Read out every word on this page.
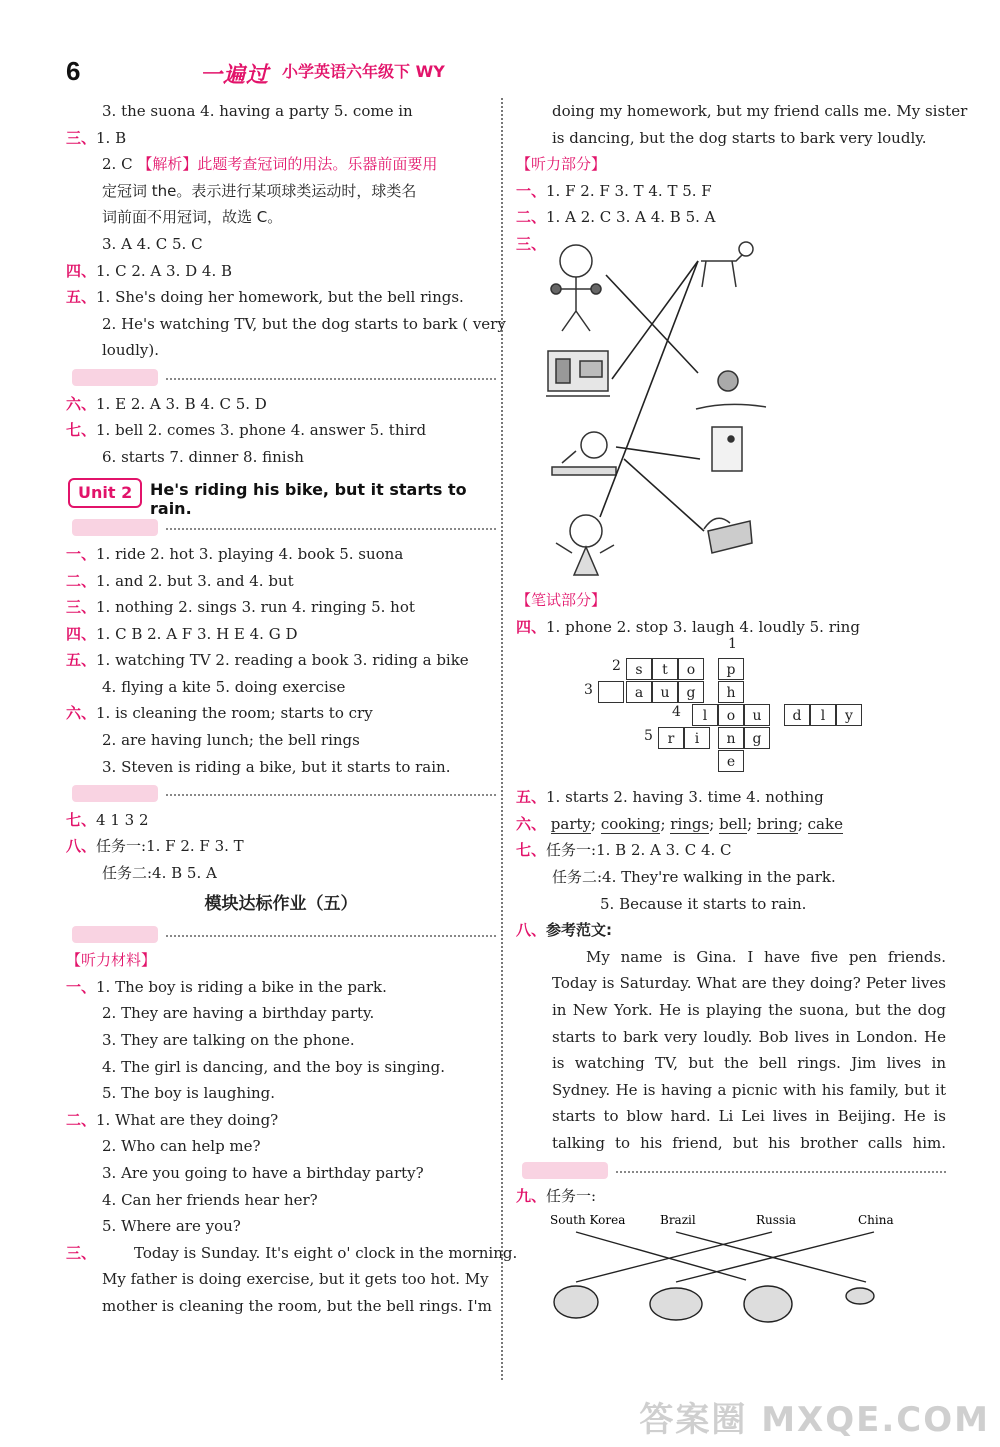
6	一遍过 小学英语六年级下 WY
3. the suona 4. having a party 5. come in
三、1. B
2. C 【解析】此题考查冠词的用法。乐器前面要用
定冠词 the。表示进行某项球类运动时，球类名
词前面不用冠词，故选 C。
3. A 4. C 5. C
四、1. C 2. A 3. D 4. B
五、1. She's doing her homework, but the bell rings.
2. He's watching TV, but the dog starts to bark ( very
loudly).
六、1. E 2. A 3. B 4. C 5. D
七、1. bell 2. comes 3. phone 4. answer 5. third
6. starts 7. dinner 8. finish
Unit 2	He's riding his bike, but it starts to rain.
一、1. ride 2. hot 3. playing 4. book 5. suona
二、1. and 2. but 3. and 4. but
三、1. nothing 2. sings 3. run 4. ringing 5. hot
四、1. C B 2. A F 3. H E 4. G D
五、1. watching TV 2. reading a book 3. riding a bike
4. flying a kite 5. doing exercise
六、1. is cleaning the room; starts to cry
2. are having lunch; the bell rings
3. Steven is riding a bike, but it starts to rain.
七、4 1 3 2
八、任务一:1. F 2. F 3. T
任务二:4. B 5. A
模块达标作业（五）
【听力材料】
一、1. The boy is riding a bike in the park.
2. They are having a birthday party.
3. They are talking on the phone.
4. The girl is dancing, and the boy is singing.
5. The boy is laughing.
二、1. What are they doing?
2. Who can help me?
3. Are you going to have a birthday party?
4. Can her friends hear her?
5. Where are you?
三、	Today is Sunday. It's eight o' clock in the morning.
My father is doing exercise, but it gets too hot. My
mother is cleaning the room, but the bell rings. I'm
doing my homework, but my friend calls me. My sister
is dancing, but the dog starts to bark very loudly.
【听力部分】
一、1. F 2. F 3. T 4. T 5. F
二、1. A 2. C 3. A 4. B 5. A
三、
【笔试部分】
四、1. phone 2. stop 3. laugh 4. loudly 5. ring
1
2
3
4
5
s	t	o	p
a	u	g	h
l	o	u	d	l	y
r	i	n	g
e
五、1. starts 2. having 3. time 4. nothing
六、 party; cooking; rings; bell; bring; cake
七、任务一:1. B 2. A 3. C 4. C
任务二:4. They're walking in the park.
5. Because it starts to rain.
八、参考范文:
My name is Gina. I have five pen friends. Today is Saturday. What are they doing? Peter lives in New York. He is playing the suona, but the dog starts to bark very loudly. Bob lives in London. He is watching TV, but the bell rings. Jim lives in Sydney. He is having a picnic with his family, but it starts to blow hard. Li Lei lives in Beijing. He is talking to his friend, but his brother calls him.
九、任务一:
South Korea	Brazil	Russia	China
答案圈 MXQE.COM
